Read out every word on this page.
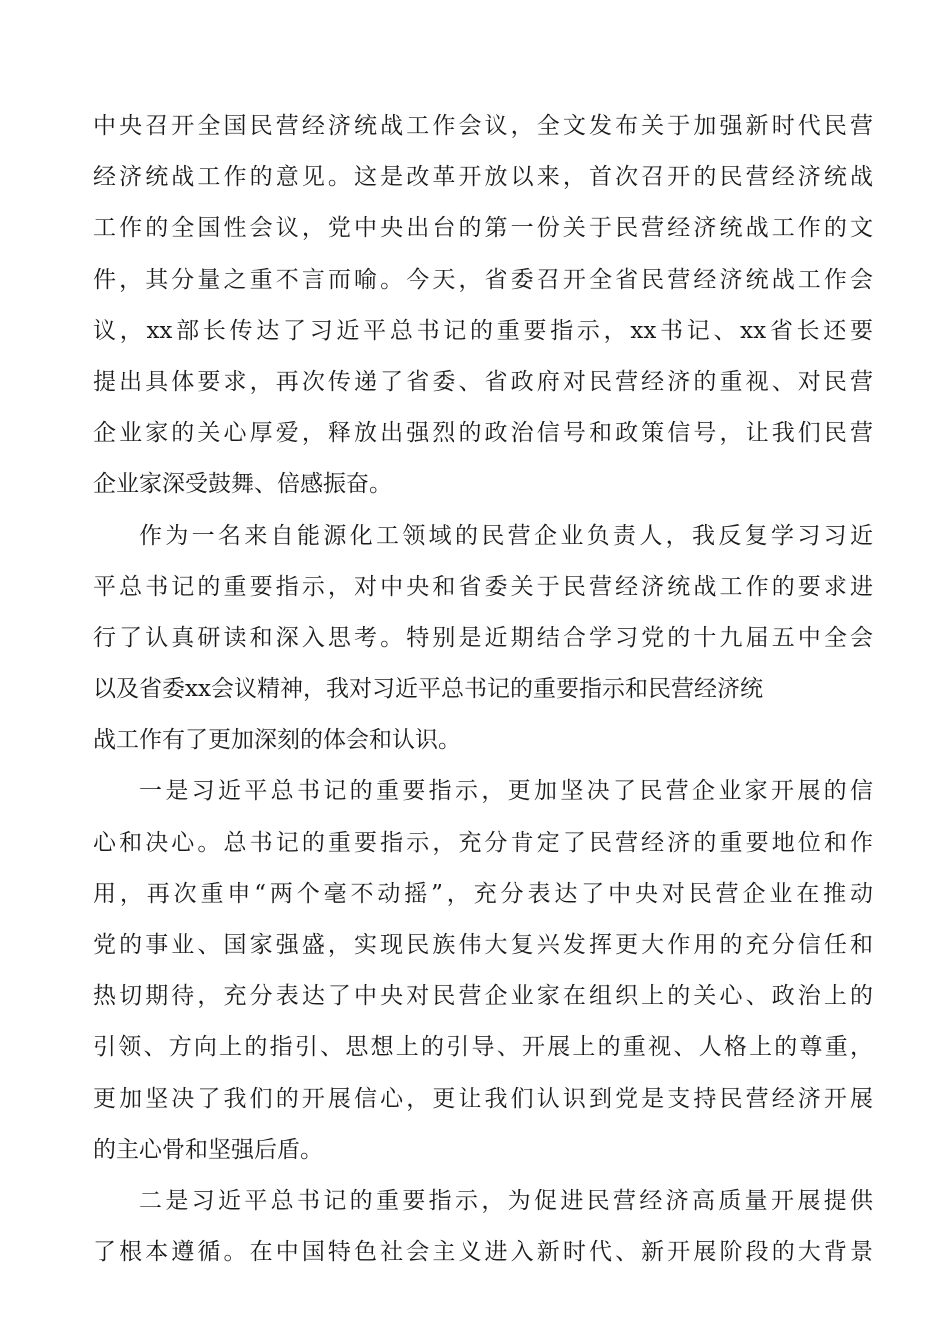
中央召开全国民营经济统战工作会议，全文发布关于加强新时代民营
经济统战工作的意见。这是改革开放以来，首次召开的民营经济统战
工作的全国性会议，党中央出台的第一份关于民营经济统战工作的文
件，其分量之重不言而喻。今天，省委召开全省民营经济统战工作会
议，xx部长传达了习近平总书记的重要指示，xx书记、xx省长还要
提出具体要求，再次传递了省委、省政府对民营经济的重视、对民营
企业家的关心厚爱，释放出强烈的政治信号和政策信号，让我们民营
企业家深受鼓舞、倍感振奋。
作为一名来自能源化工领域的民营企业负责人，我反复学习习近
平总书记的重要指示，对中央和省委关于民营经济统战工作的要求进
行了认真研读和深入思考。特别是近期结合学习党的十九届五中全会
以及省委xx会议精神，我对习近平总书记的重要指示和民营经济统
战工作有了更加深刻的体会和认识。
一是习近平总书记的重要指示，更加坚决了民营企业家开展的信
心和决心。总书记的重要指示，充分肯定了民营经济的重要地位和作
用，再次重申“两个毫不动摇”，充分表达了中央对民营企业在推动
党的事业、国家强盛，实现民族伟大复兴发挥更大作用的充分信任和
热切期待，充分表达了中央对民营企业家在组织上的关心、政治上的
引领、方向上的指引、思想上的引导、开展上的重视、人格上的尊重，
更加坚决了我们的开展信心，更让我们认识到党是支持民营经济开展
的主心骨和坚强后盾。
二是习近平总书记的重要指示，为促进民营经济高质量开展提供
了根本遵循。在中国特色社会主义进入新时代、新开展阶段的大背景
